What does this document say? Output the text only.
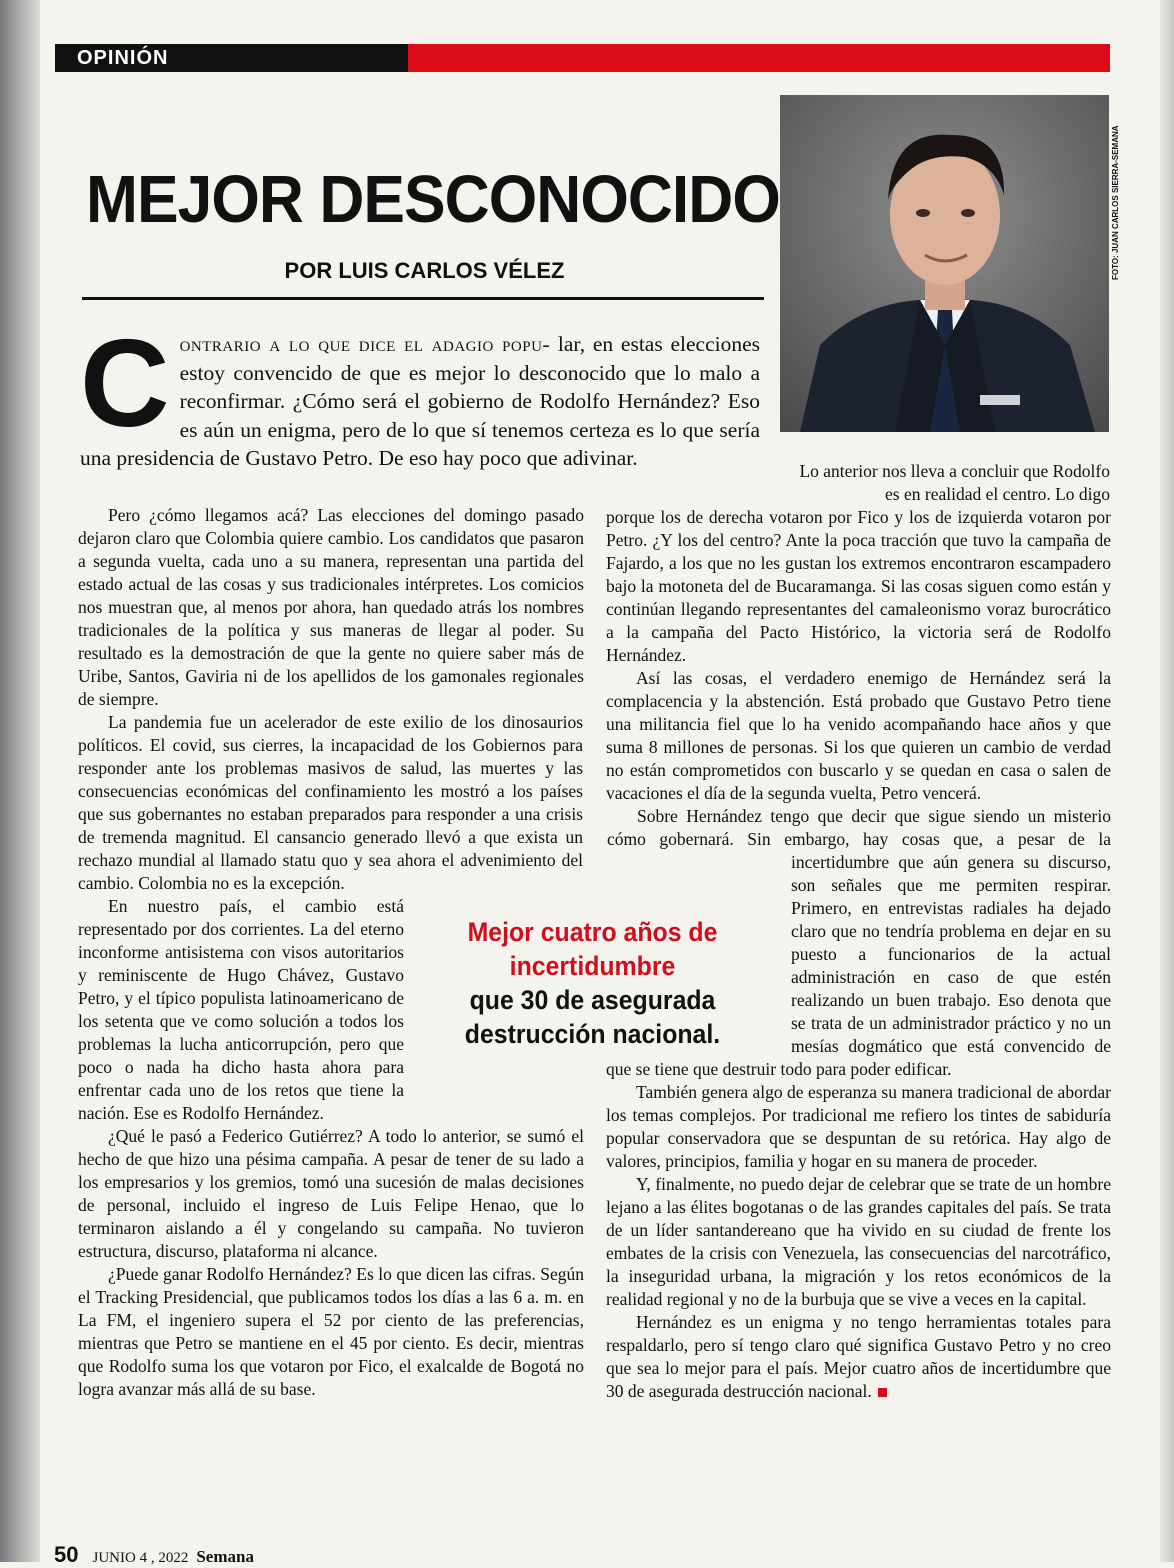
OPINIÓN
MEJOR DESCONOCIDO
POR LUIS CARLOS VÉLEZ	FOTO: JUAN CARLOS SIERRA-SEMANA
C ontrario a lo que dice el adagio popu- lar, en estas elecciones estoy convencido de que es mejor lo desconocido que lo malo a reconfirmar. ¿Cómo será el gobierno de Rodolfo Hernández? Eso es aún un enigma, pero de lo que sí tenemos certeza es lo que sería una presidencia de Gustavo Petro. De eso hay poco que adivinar.
Lo anterior nos lleva a concluir que Rodolfo es en realidad el centro. Lo digo

Pero ¿cómo llegamos acá? Las elecciones del domingo pasado dejaron claro que Colombia quiere cambio. Los candidatos que pasaron a segunda vuelta, cada uno a su manera, representan una partida del estado actual de las cosas y sus tradicionales intérpretes. Los comicios nos muestran que, al menos por ahora, han quedado atrás los nombres tradicionales de la política y sus maneras de llegar al poder. Su resultado es la demostración de que la gente no quiere saber más de Uribe, Santos, Gaviria ni de los apellidos de los gamonales regionales de siempre.

La pandemia fue un acelerador de este exilio de los dinosaurios políticos. El covid, sus cierres, la incapacidad de los Gobiernos para responder ante los problemas masivos de salud, las muertes y las consecuencias económicas del confinamiento les mostró a los países que sus gobernantes no estaban preparados para responder a una crisis de tremenda magnitud. El cansancio generado llevó a que exista un rechazo mundial al llamado statu quo y sea ahora el advenimiento del cambio. Colombia no es la excepción.

En nuestro país, el cambio está representado por dos corrientes. La del eterno inconforme antisistema con visos autoritarios y reminiscente de Hugo Chávez, Gustavo Petro, y el típico populista latinoamericano de los setenta que ve como solución a todos los problemas la lucha anticorrupción, pero que poco o nada ha dicho hasta ahora para enfrentar cada uno de los retos que tiene la nación. Ese es Rodolfo Hernández.

¿Qué le pasó a Federico Gutiérrez? A todo lo anterior, se sumó el hecho de que hizo una pésima campaña. A pesar de tener de su lado a los empresarios y los gremios, tomó una sucesión de malas decisiones de personal, incluido el ingreso de Luis Felipe Henao, que lo terminaron aislando a él y congelando su campaña. No tuvieron estructura, discurso, plataforma ni alcance.

¿Puede ganar Rodolfo Hernández? Es lo que dicen las cifras. Según el Tracking Presidencial, que publicamos todos los días a las 6 a. m. en La FM, el ingeniero supera el 52 por ciento de las preferencias, mientras que Petro se mantiene en el 45 por ciento. Es decir, mientras que Rodolfo suma los que votaron por Fico, el exalcalde de Bogotá no logra avanzar más allá de su base.

porque los de derecha votaron por Fico y los de izquierda votaron por Petro. ¿Y los del centro? Ante la poca tracción que tuvo la campaña de Fajardo, a los que no les gustan los extremos encontraron escampadero bajo la motoneta del de Bucaramanga. Si las cosas siguen como están y continúan llegando representantes del camaleonismo voraz burocrático a la campaña del Pacto Histórico, la victoria será de Rodolfo Hernández.

Así las cosas, el verdadero enemigo de Hernández será la complacencia y la abstención. Está probado que Gustavo Petro tiene una militancia fiel que lo ha venido acompañando hace años y que suma 8 millones de personas. Si los que quieren un cambio de verdad no están comprometidos con buscarlo y se quedan en casa o salen de vacaciones el día de la segunda vuelta, Petro vencerá.

Sobre Hernández tengo que decir que sigue siendo un misterio cómo gobernará. Sin embargo, hay cosas que, a pesar de la incertidumbre que aún genera su discurso, son señales que me permiten respirar. Primero, en entrevistas radiales ha dejado claro que no tendría problema en dejar en su puesto a funcionarios de la actual administración en caso de que estén realizando un buen trabajo. Eso denota que se trata de un administrador práctico y no un mesías dogmático que está convencido de que se tiene que destruir todo para poder edificar.

También genera algo de esperanza su manera tradicional de abordar los temas complejos. Por tradicional me refiero los tintes de sabiduría popular conservadora que se despuntan de su retórica. Hay algo de valores, principios, familia y hogar en su manera de proceder.

Y, finalmente, no puedo dejar de celebrar que se trate de un hombre lejano a las élites bogotanas o de las grandes capitales del país. Se trata de un líder santandereano que ha vivido en su ciudad de frente los embates de la crisis con Venezuela, las consecuencias del narcotráfico, la inseguridad urbana, la migración y los retos económicos de la realidad regional y no de la burbuja que se vive a veces en la capital.

Hernández es un enigma y no tengo herramientas totales para respaldarlo, pero sí tengo claro qué significa Gustavo Petro y no creo que sea lo mejor para el país. Mejor cuatro años de incertidumbre que 30 de asegurada destrucción nacional.

Mejor cuatro años de incertidumbre
que 30 de asegurada destrucción nacional.
50 JUNIO 4 , 2022 Semana
